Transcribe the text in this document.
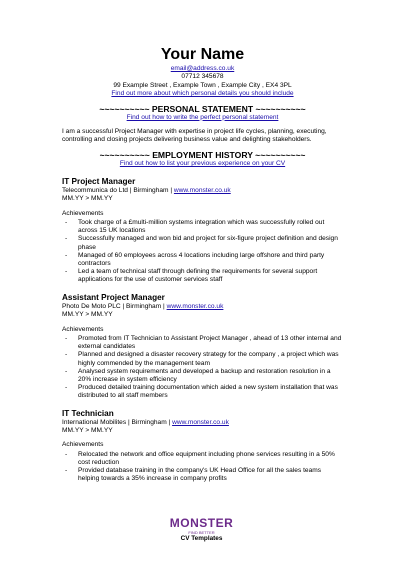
Your Name
email@address.co.uk
07712 345678
99 Example Street , Example Town , Example City , EX4 3PL
Find out more about which personal details you should include
~~~~~~~~~~ PERSONAL STATEMENT ~~~~~~~~~~
Find out how to write the perfect personal statement
I am a successful Project Manager with expertise in project life cycles, planning, executing, controlling and closing projects delivering business value and delighting stakeholders.
~~~~~~~~~~ EMPLOYMENT HISTORY ~~~~~~~~~~
Find out how to list your previous experience on your CV
IT Project Manager
Telecommunica do Ltd | Birmingham | www.monster.co.uk
MM.YY > MM.YY
Achievements
- Took charge of a £multi-million systems integration which was successfully rolled out across 15 UK locations
- Successfully managed and won bid and project for six-figure project definition and design phase
- Managed of 60 employees across 4 locations including large offshore and third party contractors
- Led a team of technical staff through defining the requirements for several support applications for the use of customer services staff
Assistant Project Manager
Photo De Moto PLC | Birmingham | www.monster.co.uk
MM.YY > MM.YY
Achievements
- Promoted from IT Technician to Assistant Project Manager , ahead of 13 other internal and external candidates
- Planned and designed a disaster recovery strategy for the company , a project which was highly commended by the management team
- Analysed system requirements and developed a backup and restoration resolution in a 20% increase in system efficiency
- Produced detailed training documentation which aided a new system installation that was distributed to all staff members
IT Technician
International Mobilites | Birmingham | www.monster.co.uk
MM.YY > MM.YY
Achievements
- Relocated the network and office equipment including phone services resulting in a 50% cost reduction
- Provided database training in the company's UK Head Office for all the sales teams helping towards a 35% increase in company profits
MONSTER
FIND BETTER
CV Templates
